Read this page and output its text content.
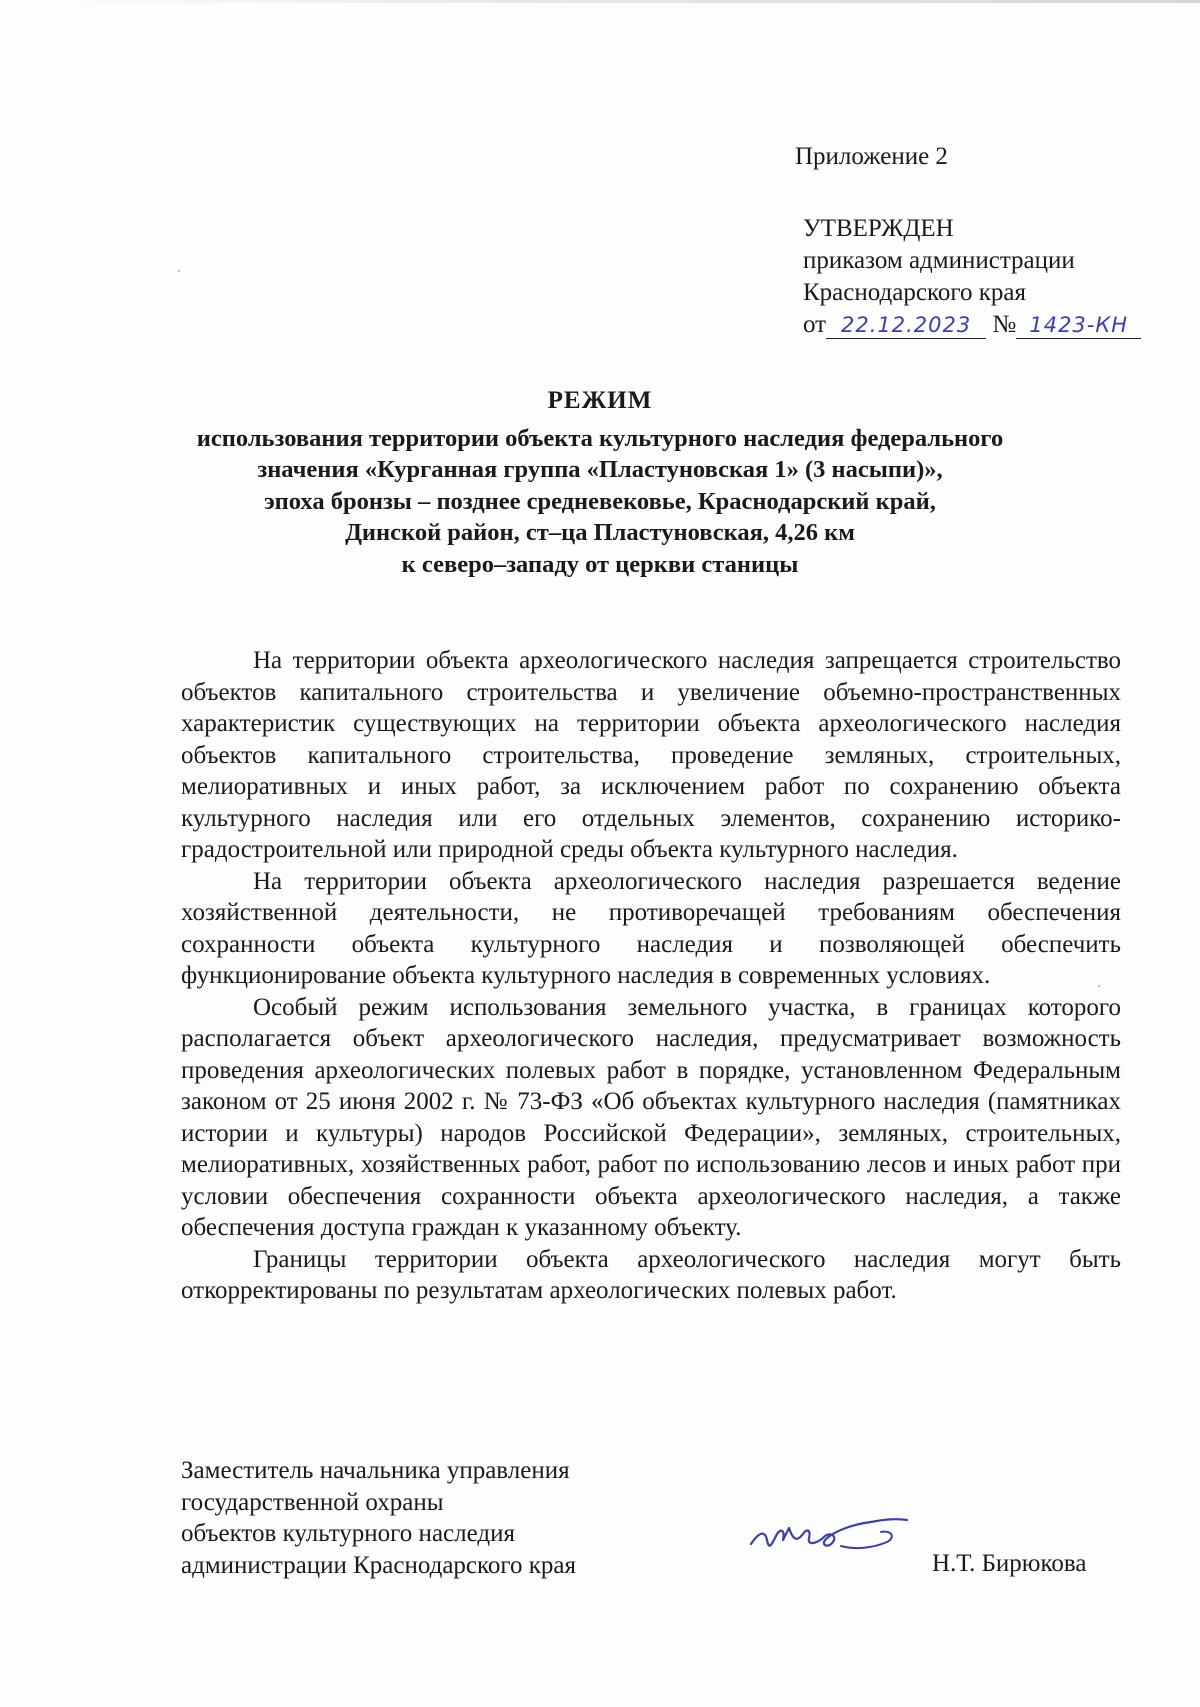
Приложение 2
УТВЕРЖДЕН
приказом администрации
Краснодарского края
от 22.12.2023 № 1423-КН
РЕЖИМ
использования территории объекта культурного наследия федерального
значения «Курганная группа «Пластуновская 1» (3 насыпи)»,
эпоха бронзы – позднее средневековье, Краснодарский край,
Динской район, ст–ца Пластуновская, 4,26 км
к северо–западу от церкви станицы

На территории объекта археологического наследия запрещается строительство объектов капитального строительства и увеличение объемно-пространственных характеристик существующих на территории объекта археологического наследия объектов капитального строительства, проведение земляных, строительных, мелиоративных и иных работ, за исключением работ по сохранению объекта культурного наследия или его отдельных элементов, сохранению историко-градостроительной или природной среды объекта культурного наследия.

На территории объекта археологического наследия разрешается ведение хозяйственной деятельности, не противоречащей требованиям обеспечения сохранности объекта культурного наследия и позволяющей обеспечить функционирование объекта культурного наследия в современных условиях.

Особый режим использования земельного участка, в границах которого располагается объект археологического наследия, предусматривает возможность проведения археологических полевых работ в порядке, установленном Федеральным законом от 25 июня 2002 г. № 73-ФЗ «Об объектах культурного наследия (памятниках истории и культуры) народов Российской Федерации», земляных, строительных, мелиоративных, хозяйственных работ, работ по использованию лесов и иных работ при условии обеспечения сохранности объекта археологического наследия, а также обеспечения доступа граждан к указанному объекту.

Границы территории объекта археологического наследия могут быть откорректированы по результатам археологических полевых работ.

Заместитель начальника управления
государственной охраны
объектов культурного наследия
администрации Краснодарского края	Н.Т. Бирюкова
